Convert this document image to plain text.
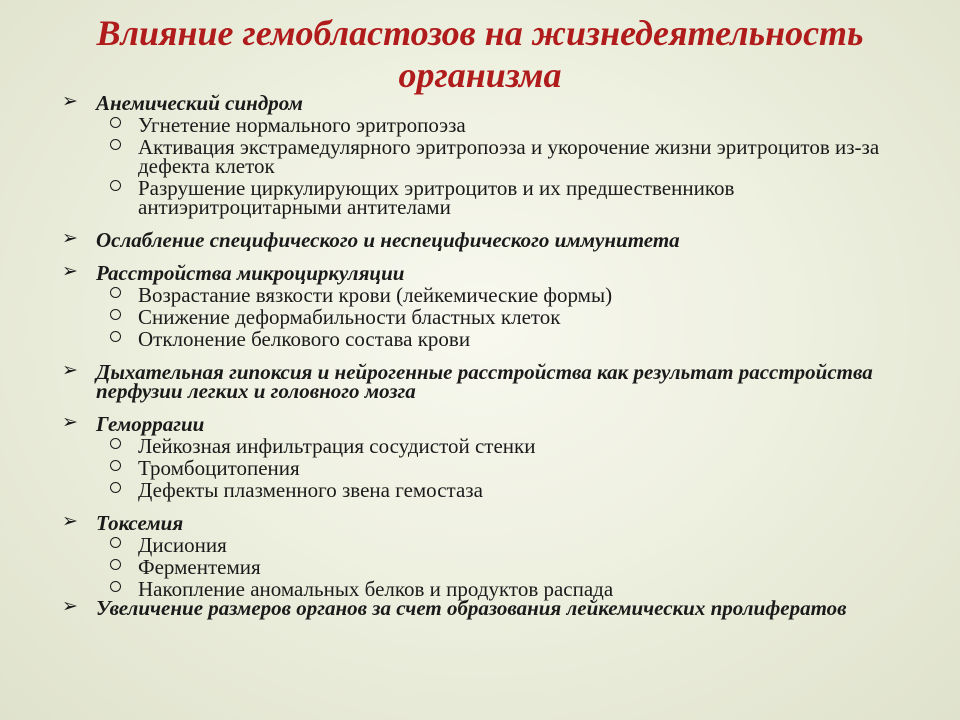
Влияние гемобластозов на жизнедеятельность организма
➢ Анемический синдром
Угнетение нормального эритропоэза
Активация экстрамедулярного эритропоэза и укорочение жизни эритроцитов из-за дефекта клеток
Разрушение циркулирующих эритроцитов и их предшественников антиэритроцитарными антителами
➢ Ослабление специфического и неспецифического иммунитета
➢ Расстройства микроциркуляции
Возрастание вязкости крови (лейкемические формы)
Снижение деформабильности бластных клеток
Отклонение белкового состава крови
➢ Дыхательная гипоксия и нейрогенные расстройства как результат расстройства перфузии легких и головного мозга
➢ Геморрагии
Лейкозная инфильтрация сосудистой стенки
Тромбоцитопения
Дефекты плазменного звена гемостаза
➢ Токсемия
Дисиония
Ферментемия
Накопление аномальных белков и продуктов распада
➢ Увеличение размеров органов за счет образования лейкемических пролифератов
